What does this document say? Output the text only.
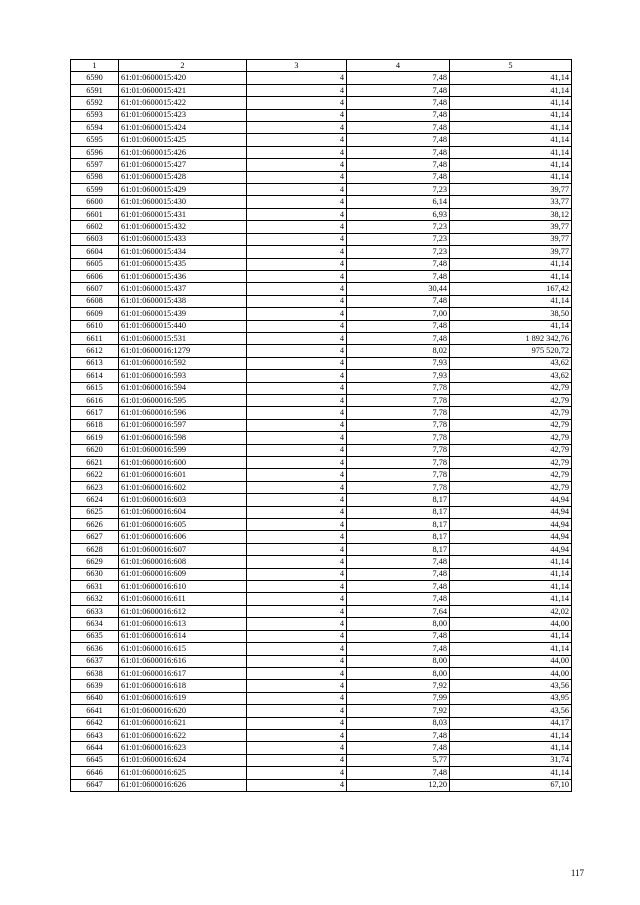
1	2	3	4	5
6590	61:01:0600015:420	4	7,48	41,14
6591	61:01:0600015:421	4	7,48	41,14
6592	61:01:0600015:422	4	7,48	41,14
6593	61:01:0600015:423	4	7,48	41,14
6594	61:01:0600015:424	4	7,48	41,14
6595	61:01:0600015:425	4	7,48	41,14
6596	61:01:0600015:426	4	7,48	41,14
6597	61:01:0600015:427	4	7,48	41,14
6598	61:01:0600015:428	4	7,48	41,14
6599	61:01:0600015:429	4	7,23	39,77
6600	61:01:0600015:430	4	6,14	33,77
6601	61:01:0600015:431	4	6,93	38,12
6602	61:01:0600015:432	4	7,23	39,77
6603	61:01:0600015:433	4	7,23	39,77
6604	61:01:0600015:434	4	7,23	39,77
6605	61:01:0600015:435	4	7,48	41,14
6606	61:01:0600015:436	4	7,48	41,14
6607	61:01:0600015:437	4	30,44	167,42
6608	61:01:0600015:438	4	7,48	41,14
6609	61:01:0600015:439	4	7,00	38,50
6610	61:01:0600015:440	4	7,48	41,14
6611	61:01:0600015:531	4	7,48	1 892 342,76
6612	61:01:0600016:1279	4	8,02	975 520,72
6613	61:01:0600016:592	4	7,93	43,62
6614	61:01:0600016:593	4	7,93	43,62
6615	61:01:0600016:594	4	7,78	42,79
6616	61:01:0600016:595	4	7,78	42,79
6617	61:01:0600016:596	4	7,78	42,79
6618	61:01:0600016:597	4	7,78	42,79
6619	61:01:0600016:598	4	7,78	42,79
6620	61:01:0600016:599	4	7,78	42,79
6621	61:01:0600016:600	4	7,78	42,79
6622	61:01:0600016:601	4	7,78	42,79
6623	61:01:0600016:602	4	7,78	42,79
6624	61:01:0600016:603	4	8,17	44,94
6625	61:01:0600016:604	4	8,17	44,94
6626	61:01:0600016:605	4	8,17	44,94
6627	61:01:0600016:606	4	8,17	44,94
6628	61:01:0600016:607	4	8,17	44,94
6629	61:01:0600016:608	4	7,48	41,14
6630	61:01:0600016:609	4	7,48	41,14
6631	61:01:0600016:610	4	7,48	41,14
6632	61:01:0600016:611	4	7,48	41,14
6633	61:01:0600016:612	4	7,64	42,02
6634	61:01:0600016:613	4	8,00	44,00
6635	61:01:0600016:614	4	7,48	41,14
6636	61:01:0600016:615	4	7,48	41,14
6637	61:01:0600016:616	4	8,00	44,00
6638	61:01:0600016:617	4	8,00	44,00
6639	61:01:0600016:618	4	7,92	43,56
6640	61:01:0600016:619	4	7,99	43,95
6641	61:01:0600016:620	4	7,92	43,56
6642	61:01:0600016:621	4	8,03	44,17
6643	61:01:0600016:622	4	7,48	41,14
6644	61:01:0600016:623	4	7,48	41,14
6645	61:01:0600016:624	4	5,77	31,74
6646	61:01:0600016:625	4	7,48	41,14
6647	61:01:0600016:626	4	12,20	67,10
117
